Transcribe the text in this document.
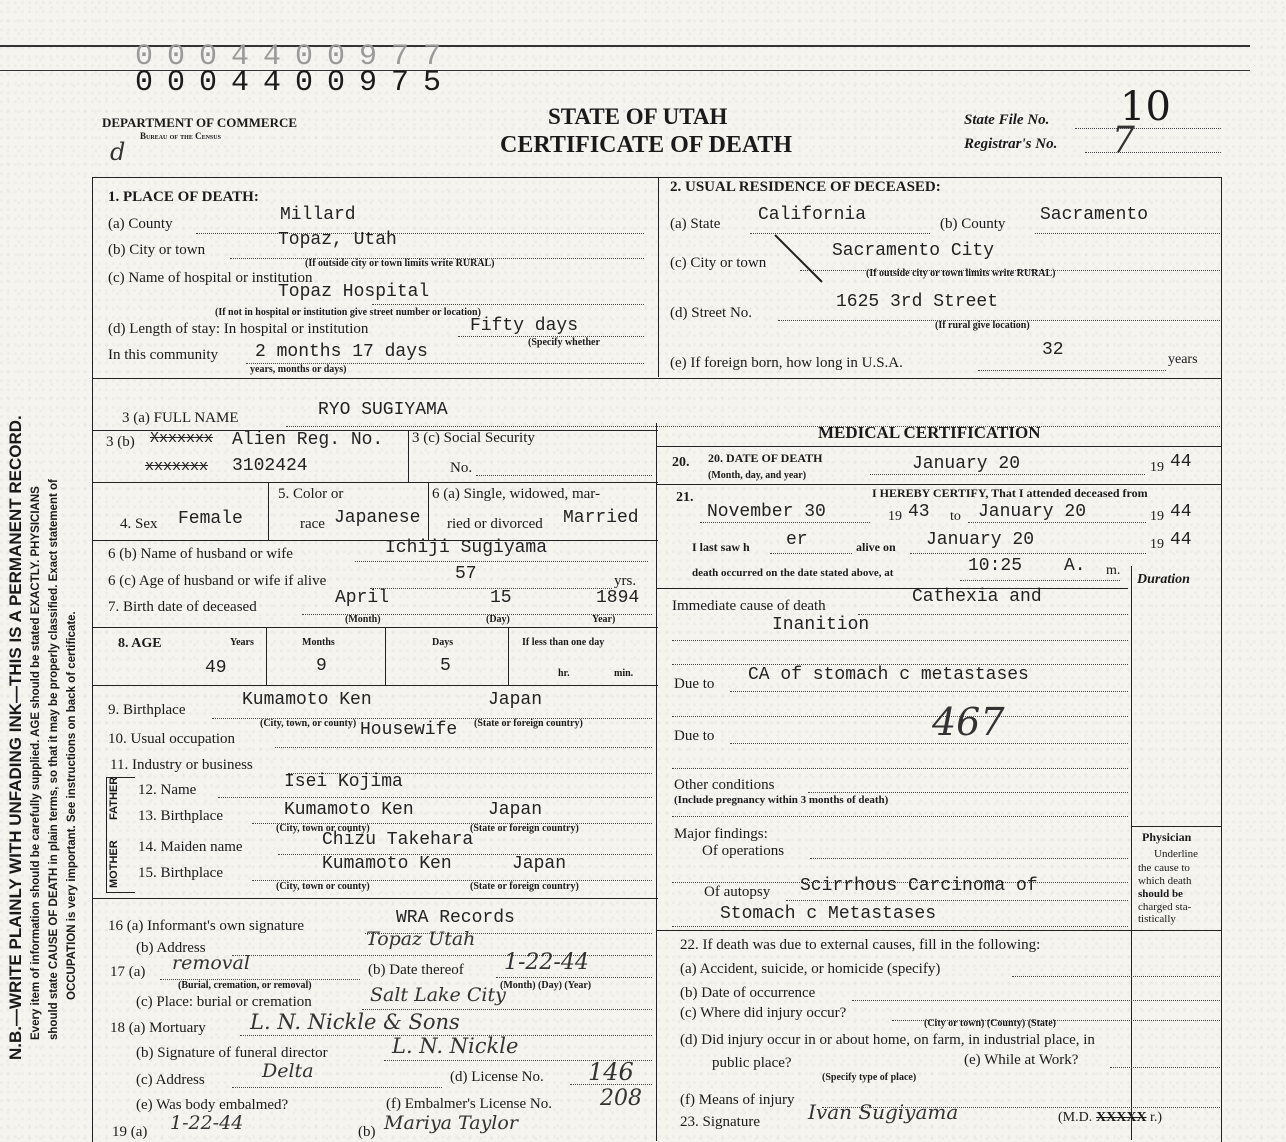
0004400977
0004400975
DEPARTMENT OF COMMERCE
Bureau of the Census
d
STATE OF UTAH
CERTIFICATE OF DEATH
State File No. 10
Registrar's No. 7
N.B.—WRITE PLAINLY WITH UNFADING INK—THIS IS A PERMANENT RECORD. Every item of information should be carefully supplied. AGE should be stated EXACTLY. PHYSICIANS should state CAUSE OF DEATH in plain terms, so that it may be properly classified. Exact statement of OCCUPATION is very important. See instructions on back of certificate.
1. PLACE OF DEATH:
(a) County	Millard
(b) City or town	Topaz, Utah
(If outside city or town limits write RURAL)
(c) Name of hospital or institution
Topaz Hospital
(If not in hospital or institution give street number or location)
(d) Length of stay: In hospital or institution	Fifty days
(Specify whether
In this community 2 months 17 days
years, months or days)
2. USUAL RESIDENCE OF DECEASED:
(a) State California	(b) County Sacramento
(c) City or town
Sacramento City
(If outside city or town limits write RURAL)
(d) Street No.
1625 3rd Street
(If rural give location)
(e) If foreign born, how long in U.S.A.
32	years
3 (a) FULL NAME	RYO SUGIYAMA
3 (b) Xxxxxxx Alien Reg. No.
xxxxxxx 3102424
3 (c) Social Security
No.
4. Sex Female
5. Color or
race Japanese
6 (a) Single, widowed, mar-
ried or divorced Married
6 (b) Name of husband or wife	Ichiji Sugiyama
6 (c) Age of husband or wife if alive	57	yrs.
7. Birth date of deceased	April	15	1894
(Month)	(Day)	Year)
8. AGE	Years	Months	Days	If less than one day
49	9	5	hr.	min.
9. Birthplace	Kumamoto Ken	Japan
(City, town, or county)	(State or foreign country)
10. Usual occupation	Housewife
11. Industry or business
FATHER
MOTHER
12. Name	Isei Kojima
13. Birthplace	Kumamoto Ken	Japan
(City, town or county)	(State or foreign country)
14. Maiden name	Chizu Takehara
15. Birthplace	Kumamoto Ken	Japan
(City, town or county)	(State or foreign country)
16 (a) Informant's own signature	WRA Records
(b) Address	Topaz Utah
17 (a) removal
(Burial, cremation, or removal)
(b) Date thereof 1-22-44
(Month) (Day) (Year)
(c) Place: burial or cremation	Salt Lake City
18 (a) Mortuary L. N. Nickle & Sons
(b) Signature of funeral director	L. N. Nickle
(c) Address	Delta	(d) License No. 146
(e) Was body embalmed?	(f) Embalmer's License No. 208
19 (a) 1-22-44	(b) Mariya Taylor
MEDICAL CERTIFICATION
20. DATE OF DEATH
(Month, day, and year)
20.	January 20	19 44
21.	I HEREBY CERTIFY, That I attended deceased from
November 30	19 43 to January 20	19 44
I last saw h er	alive on January 20	19 44
death occurred on the date stated above, at	10:25 A. m.
Duration
Immediate cause of death	Cathexia and
Inanition
Due to CA of stomach c metastases
Due to	467
Other conditions
(Include pregnancy within 3 months of death)
Major findings:
Of operations
Of autopsy Scirrhous Carcinoma of
Stomach c Metastases
Physician
Underline
the cause to
which death
should be
charged sta-
tistically
22. If death was due to external causes, fill in the following:
(a) Accident, suicide, or homicide (specify)
(b) Date of occurrence
(c) Where did injury occur?
(City or town) (County) (State)
(d) Did injury occur in or about home, on farm, in industrial place, in
public place?	(e) While at Work?
(Specify type of place)
(f) Means of injury
23. Signature Ivan Sugiyama	(M.D. XXXXX r.)
